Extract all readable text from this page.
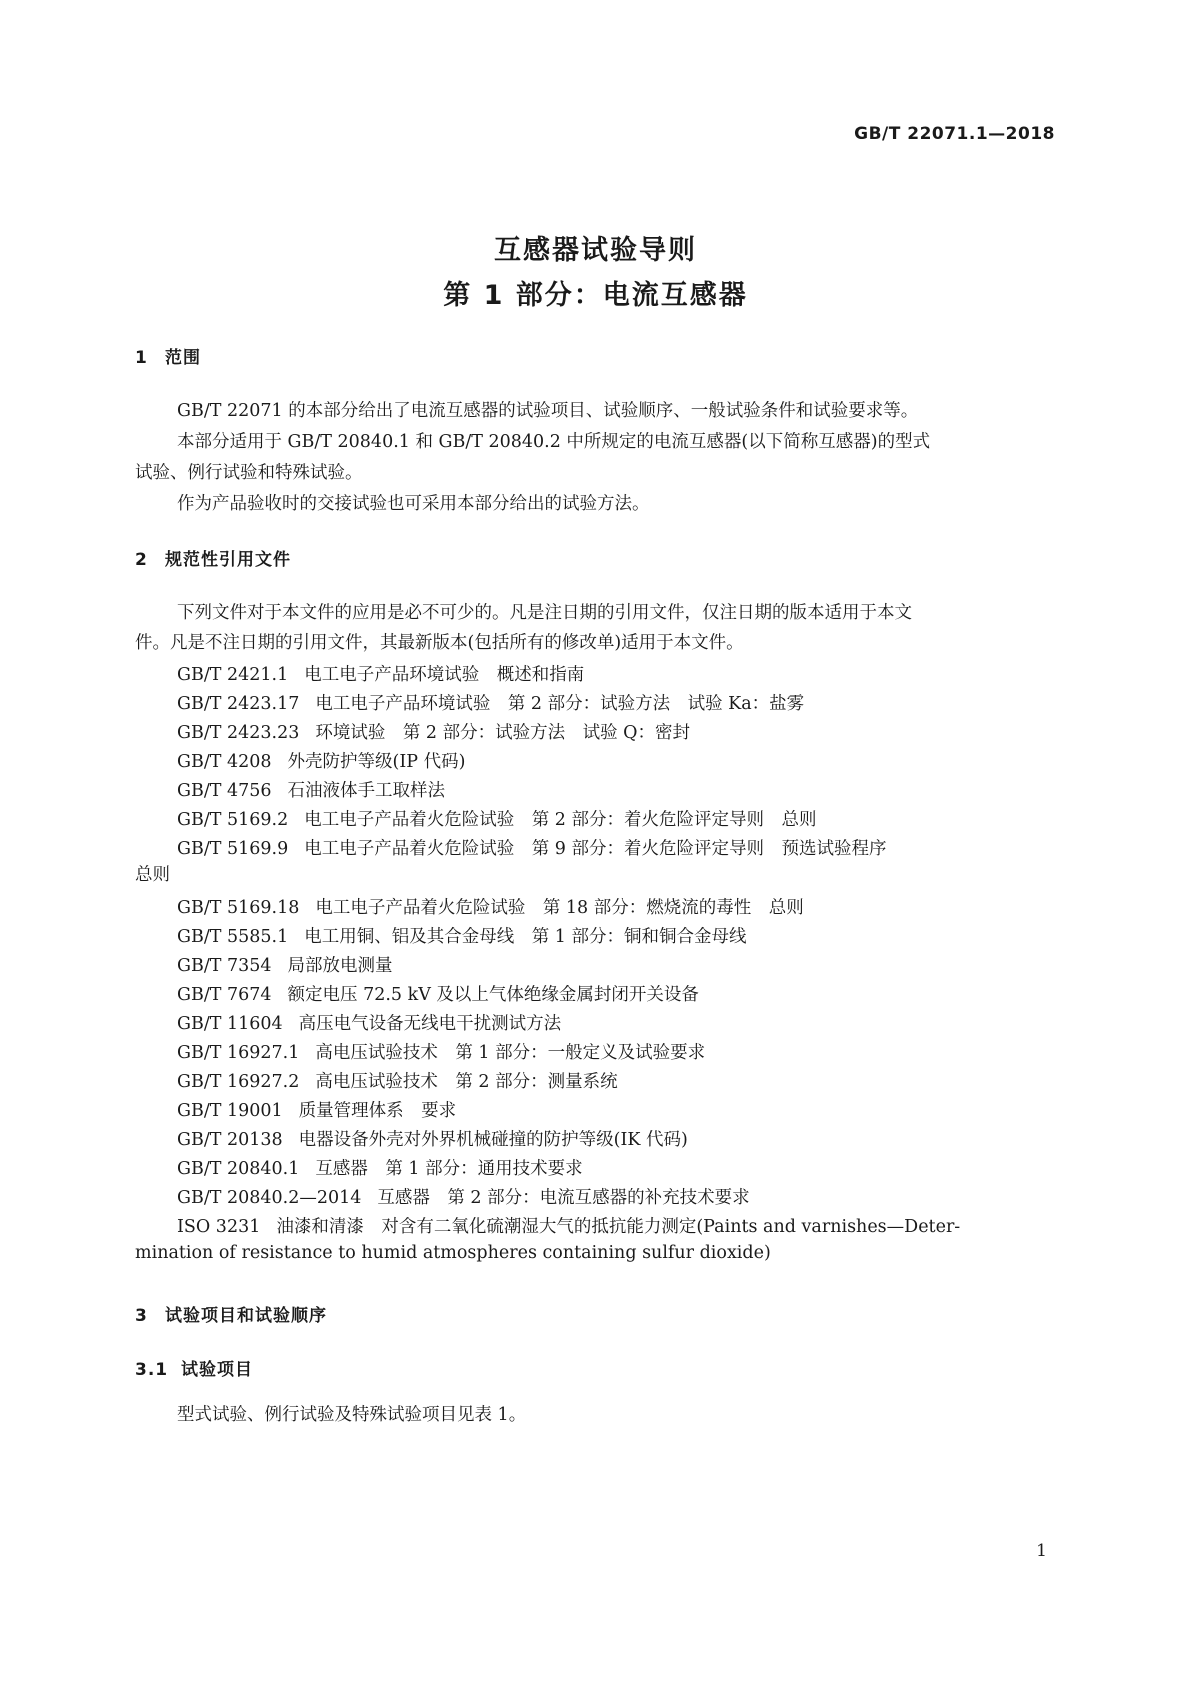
GB/T 22071.1—2018
互感器试验导则
第 1 部分：电流互感器
1 范围
GB/T 22071 的本部分给出了电流互感器的试验项目、试验顺序、一般试验条件和试验要求等。
本部分适用于 GB/T 20840.1 和 GB/T 20840.2 中所规定的电流互感器(以下简称互感器)的型式
试验、例行试验和特殊试验。
作为产品验收时的交接试验也可采用本部分给出的试验方法。
2 规范性引用文件
下列文件对于本文件的应用是必不可少的。凡是注日期的引用文件，仅注日期的版本适用于本文
件。凡是不注日期的引用文件，其最新版本(包括所有的修改单)适用于本文件。
GB/T 2421.1 电工电子产品环境试验　概述和指南
GB/T 2423.17 电工电子产品环境试验　第 2 部分：试验方法　试验 Ka：盐雾
GB/T 2423.23 环境试验　第 2 部分：试验方法　试验 Q：密封
GB/T 4208 外壳防护等级(IP 代码)
GB/T 4756 石油液体手工取样法
GB/T 5169.2 电工电子产品着火危险试验　第 2 部分：着火危险评定导则　总则
GB/T 5169.9 电工电子产品着火危险试验　第 9 部分：着火危险评定导则　预选试验程序
总则
GB/T 5169.18 电工电子产品着火危险试验　第 18 部分：燃烧流的毒性　总则
GB/T 5585.1 电工用铜、铝及其合金母线　第 1 部分：铜和铜合金母线
GB/T 7354 局部放电测量
GB/T 7674 额定电压 72.5 kV 及以上气体绝缘金属封闭开关设备
GB/T 11604 高压电气设备无线电干扰测试方法
GB/T 16927.1 高电压试验技术　第 1 部分：一般定义及试验要求
GB/T 16927.2 高电压试验技术　第 2 部分：测量系统
GB/T 19001 质量管理体系　要求
GB/T 20138 电器设备外壳对外界机械碰撞的防护等级(IK 代码)
GB/T 20840.1 互感器　第 1 部分：通用技术要求
GB/T 20840.2—2014 互感器　第 2 部分：电流互感器的补充技术要求
ISO 3231 油漆和清漆　对含有二氧化硫潮湿大气的抵抗能力测定(Paints and varnishes—Deter-
mination of resistance to humid atmospheres containing sulfur dioxide)
3 试验项目和试验顺序
3.1 试验项目
型式试验、例行试验及特殊试验项目见表 1。
1
